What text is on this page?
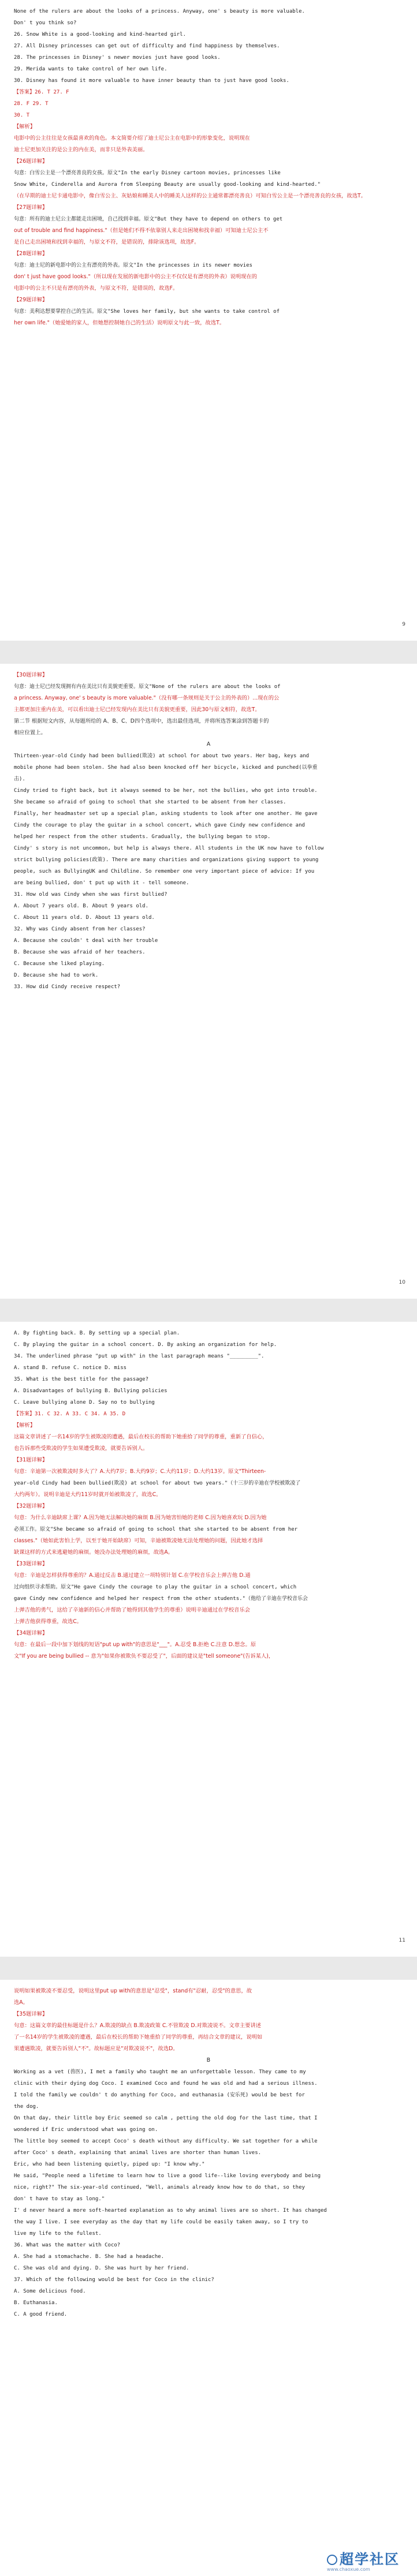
None of the rulers are about the looks of a princess. Anyway, one' s beauty is more valuable.
Don' t you think so?
26. Snow White is a good-looking and kind-hearted girl.
27. All Disney princesses can get out of difficulty and find happiness by themselves.
28. The princesses in Disney' s newer movies just have good looks.
29. Merida wants to take control of her own life.
30. Disney has found it more valuable to have inner beauty than to just have good looks.
【答案】26. T 27. F
28. F 29. T
30. T
【解析】
电影中的公主往往是女孩最喜欢的角色。本文简要介绍了迪士尼公主在电影中的形象变化，说明现在
迪士尼更加关注的是公主的内在美，而非只是外表美丽。
【26题详解】
句意：白雪公主是一个漂亮善良的女孩。原文"In the early Disney cartoon movies, princesses like
Snow White, Cinderella and Aurora from Sleeping Beauty are usually good-looking and kind-hearted."
（在早期的迪士尼卡通电影中，像白雪公主、灰姑娘和睡美人中的睡美人这样的公主通常都漂亮善良）可知白雪公主是一个漂亮善良的女孩，故选T。
【27题详解】
句意：所有的迪士尼公主都能走出困境，自己找到幸福。原文"But they have to depend on others to get
out of trouble and find happiness."（但是她们不得不依靠别人来走出困境和找幸福）可知迪士尼公主不
是自己走出困境和找到幸福的，与原文不符，是错误的，排除该选项，故选F。
【28题详解】
句意：迪士尼的新电影中的公主有漂亮的外表。原文"In the princesses in its newer movies
don' t just have good looks."（所以现在发展的新电影中的公主不仅仅是有漂亮的外表）说明现在的
电影中的公主不只是有漂亮的外表，与原文不符，是错误的，故选F。
【29题详解】
句意：美利达想要掌控自己的生活。原文"She loves her family, but she wants to take control of
her own life."（她爱她的家人，但她想控制她自己的生活）说明原文与此一致，故选T。
9
【30题详解】
句意：迪士尼已经发现拥有内在美比只有美貌更重要。原文"None of the rulers are about the looks of
a princess. Anyway, one' s beauty is more valuable."（没有哪一条规则是关于公主的外表的）...现在的公
主都更加注重内在美，可以看出迪士尼已经发现内在美比只有美貌更重要，因此30与原文相符，故选T。
第二节 根据短文内容，从每题所给的 A、B、C、D四个选项中，选出最佳选项，并将所选答案涂到答题卡的
相应位置上。
A
Thirteen-year-old Cindy had been bullied(欺凌) at school for about two years. Her bag, keys and
mobile phone had been stolen. She had also been knocked off her bicycle, kicked and punched(以拳重
击).
Cindy tried to fight back, but it always seemed to be her, not the bullies, who got into trouble.
She became so afraid of going to school that she started to be absent from her classes.
Finally, her headmaster set up a special plan, asking students to look after one another. He gave
Cindy the courage to play the guitar in a school concert, which gave Cindy new confidence and
helped her respect from the other students. Gradually, the bullying began to stop.
Cindy' s story is not uncommon, but help is always there. All students in the UK now have to follow
strict bullying policies(政策). There are many charities and organizations giving support to young
people, such as BullyingUK and Childline. So remember one very important piece of advice: If you
are being bullied, don' t put up with it - tell someone.
31. How old was Cindy when she was first bullied?
A. About 7 years old. B. About 9 years old.
C. About 11 years old. D. About 13 years old.
32. Why was Cindy absent from her classes?
A. Because she couldn' t deal with her trouble
B. Because she was afraid of her teachers.
C. Because she liked playing.
D. Because she had to work.
33. How did Cindy receive respect?
10
A. By fighting back. B. By setting up a special plan.
C. By playing the guitar in a school concert. D. By asking an organization for help.
34. The underlined phrase "put up with" in the last paragraph means "_________".
A. stand B. refuse C. notice D. miss
35. What is the best title for the passage?
A. Disadvantages of bullying B. Bullying policies
C. Leave bullying alone D. Say no to bullying
【答案】31. C 32. A 33. C 34. A 35. D
【解析】
这篇文章讲述了一名14岁的学生被欺凌的遭遇，最后在校长的帮助下她重拾了同学的尊重，重新了自信心，
也告诉那些受欺凌的学生如果遭受欺凌，就要告诉别人。
【31题详解】
句意：辛迪第一次被欺凌时多大了？A.大约7岁；B.大约9岁；C.大约11岁；D.大约13岁。原文"Thirteen-
year-old Cindy had been bullied(欺凌) at school for about two years."（十三岁的辛迪在学校被欺凌了
大约两年）。说明辛迪是大约11岁时就开始被欺凌了，故选C。
【32题详解】
句意：为什么辛迪缺席上课？A.因为她无法解决她的麻烦 B.因为她害怕她的老师 C.因为她喜欢玩 D.因为她
必须工作。原文"She became so afraid of going to school that she started to be absent from her
classes."（她如此害怕上学，以至于她开始缺席）可知，辛迪被欺凌她无法处理她的问题，因此她才选择
缺课这样的方式来逃避她的麻烦。她没办法处理她的麻烦，故选A。
【33题详解】
句意：辛迪是怎样获得尊重的？A.通过反击 B.通过建立一项特别计划 C.在学校音乐会上弹吉他 D.通
过向组织寻求帮助。原文"He gave Cindy the courage to play the guitar in a school concert, which
gave Cindy new confidence and helped her respect from the other students."（他给了辛迪在学校音乐会
上弹吉他的勇气，这给了辛迪新的信心并帮助了她得到其他学生的尊重）说明辛迪通过在学校音乐会
上弹吉他获得尊重，故选C。
【34题详解】
句意：在最后一段中加下划线的短语"put up with"的意思是"___"。A.忍受 B.拒绝 C.注意 D.想念。原
文"If you are being bullied -- 意为"如果你被欺负不要忍受了"，后面的建议是"tell someone"(告诉某人)，
11
说明如果被欺凌不要忍受，说明这里put up with的意思是"忍受"，stand有"忍耐，忍受"的意思，故
选A。
【35题详解】
句意：这篇文章的最佳标题是什么？A.欺凌的缺点 B.欺凌政策 C.不管欺凌 D.对欺凌说不。文章主要讲述
了一名14岁的学生被欺凌的遭遇，最后在校长的帮助下她重拾了同学的尊重，再结合文章的建议，说明如
果遭遇欺凌，就要告诉别人"不"。故标题应是"对欺凌说不"，故选D。
B
Working as a vet (兽医), I met a family who taught me an unforgettable lesson. They came to my
clinic with their dying dog Coco. I examined Coco and found he was old and had a serious illness.
I told the family we couldn' t do anything for Coco, and euthanasia (安乐死) would be best for
the dog.
On that day, their little boy Eric seemed so calm , petting the old dog for the last time, that I
wondered if Eric understood what was going on.
The little boy seemed to accept Coco' s death without any difficulty. We sat together for a while
after Coco' s death, explaining that animal lives are shorter than human lives.
Eric, who had been listening quietly, piped up: "I know why."
He said, "People need a lifetime to learn how to live a good life--like loving everybody and being
nice, right?" The six-year-old continued, "Well, animals already know how to do that, so they
don' t have to stay as long."
I' d never heard a more soft-hearted explanation as to why animal lives are so short. It has changed
the way I live. I see everyday as the day that my life could be easily taken away, so I try to
live my life to the fullest.
36. What was the matter with Coco?
A. She had a stomachache. B. She had a headache.
C. She was old and dying. D. She was hurt by her friend.
37. Which of the following would be best for Coco in the clinic?
A. Some delicious food.
B. Euthanasia.
C. A good friend.
超学社区
www.chaoxue.com
